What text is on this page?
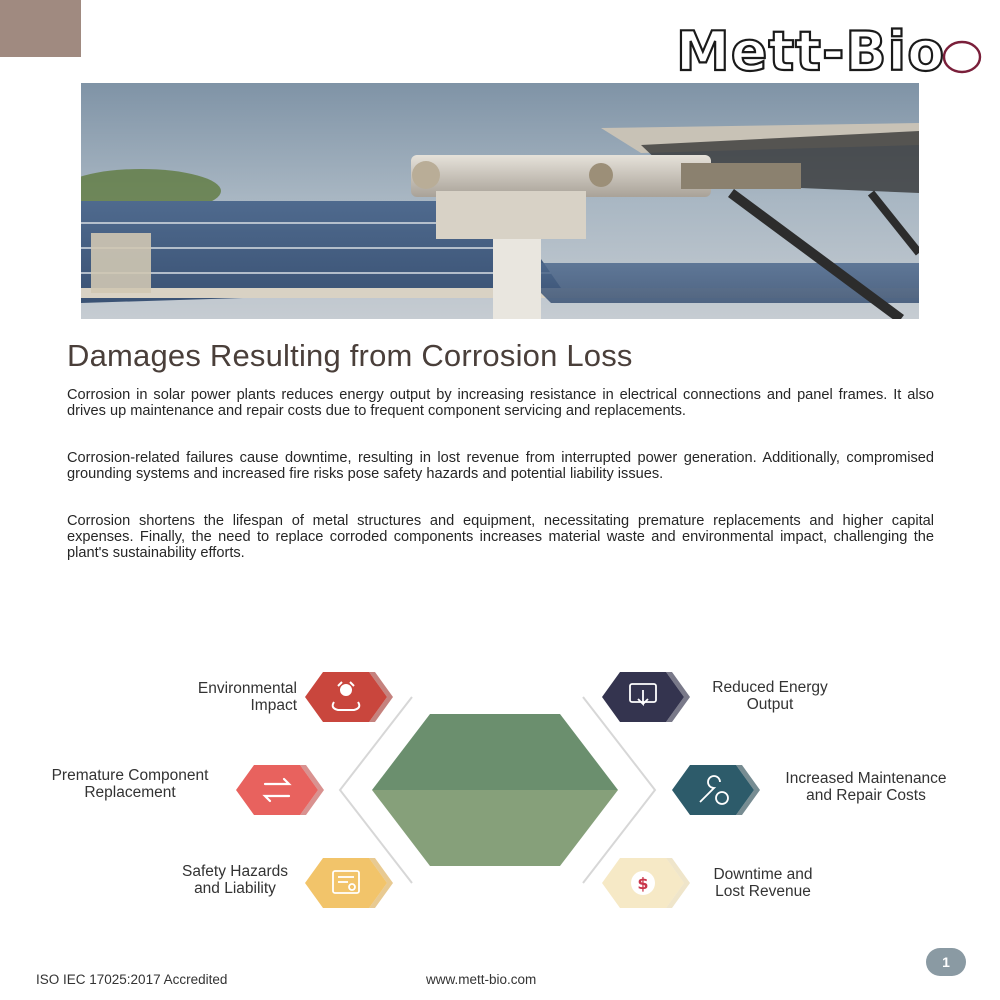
Mett-Bio
Damages Resulting from Corrosion Loss

Corrosion in solar power plants reduces energy output by increasing resistance in electrical connections and panel frames. It also drives up maintenance and repair costs due to frequent component servicing and replacements.

Corrosion-related failures cause downtime, resulting in lost revenue from interrupted power generation. Additionally, compromised grounding systems and increased fire risks pose safety hazards and potential liability issues.

Corrosion shortens the lifespan of metal structures and equipment, necessitating premature replacements and higher capital expenses. Finally, the need to replace corroded components increases material waste and environmental impact, challenging the plant's sustainability efforts.

$
Environmental
Impact
Premature Component
Replacement
Safety Hazards
and Liability
Reduced Energy
Output
Increased Maintenance
and Repair Costs
Downtime and
Lost Revenue
ISO IEC 17025:2017 Accredited	www.mett-bio.com
1
